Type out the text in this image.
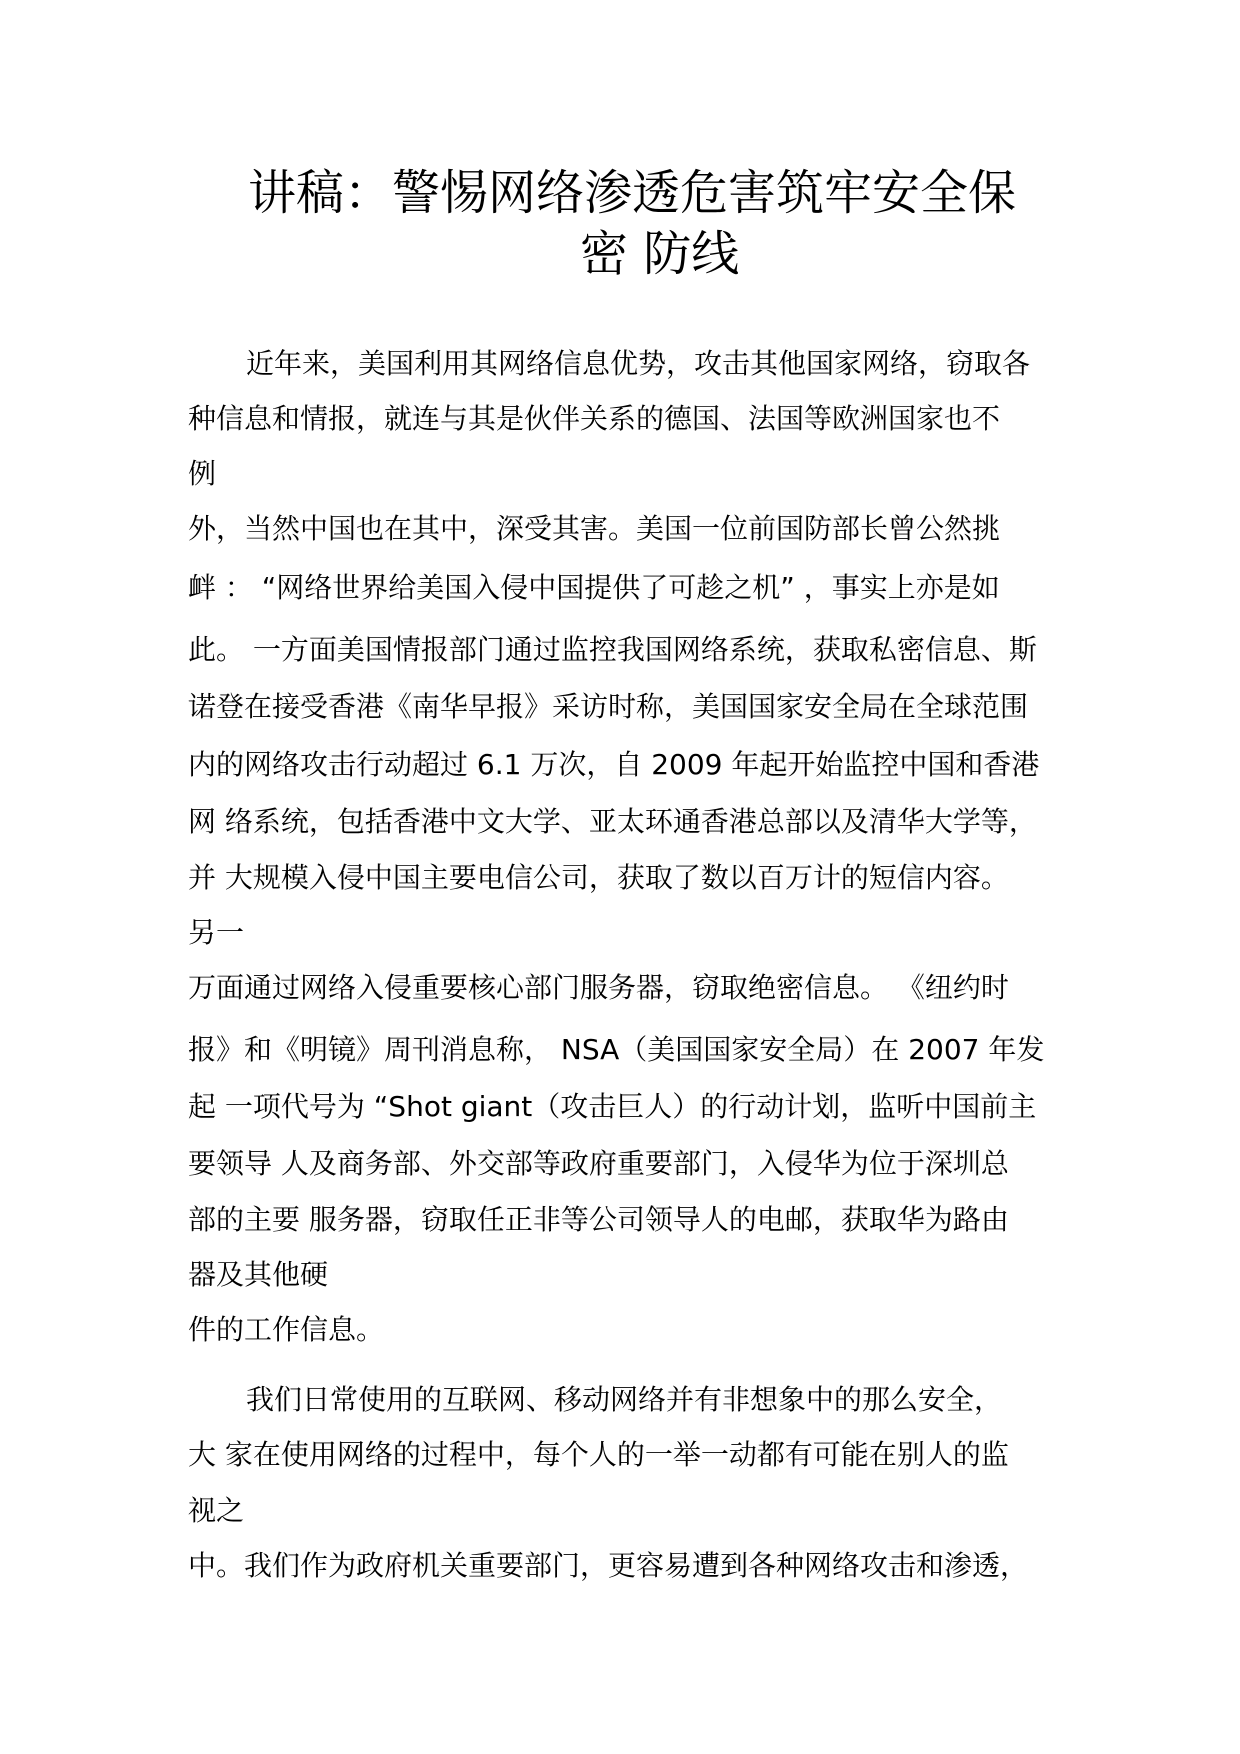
讲稿：警惕网络渗透危害筑牢安全保
密 防线
近年来，美国利用其网络信息优势，攻击其他国家网络，窃取各
种信息和情报，就连与其是伙伴关系的德国、法国等欧洲国家也不
例
外，当然中国也在其中，深受其害。美国一位前国防部长曾公然挑
衅 ： “网络世界给美国入侵中国提供了可趁之机” ，事实上亦是如
此。 一方面美国情报部门通过监控我国网络系统，获取私密信息、斯
诺登在接受香港《南华早报》采访时称，美国国家安全局在全球范围
内的网络攻击行动超过 6.1 万次，自 2009 年起开始监控中国和香港
网 络系统，包括香港中文大学、亚太环通香港总部以及清华大学等，
并 大规模入侵中国主要电信公司，获取了数以百万计的短信内容。
另一
万面通过网络入侵重要核心部门服务器，窃取绝密信息。 《纽约时
报》和《明镜》周刊消息称， NSA（美国国家安全局）在 2007 年发
起 一项代号为 “Shot giant（攻击巨人）的行动计划，监听中国前主
要领导 人及商务部、外交部等政府重要部门，入侵华为位于深圳总
部的主要 服务器，窃取任正非等公司领导人的电邮，获取华为路由
器及其他硬
件的工作信息。
我们日常使用的互联网、移动网络并有非想象中的那么安全，
大 家在使用网络的过程中，每个人的一举一动都有可能在别人的监
视之
中。我们作为政府机关重要部门，更容易遭到各种网络攻击和渗透，
